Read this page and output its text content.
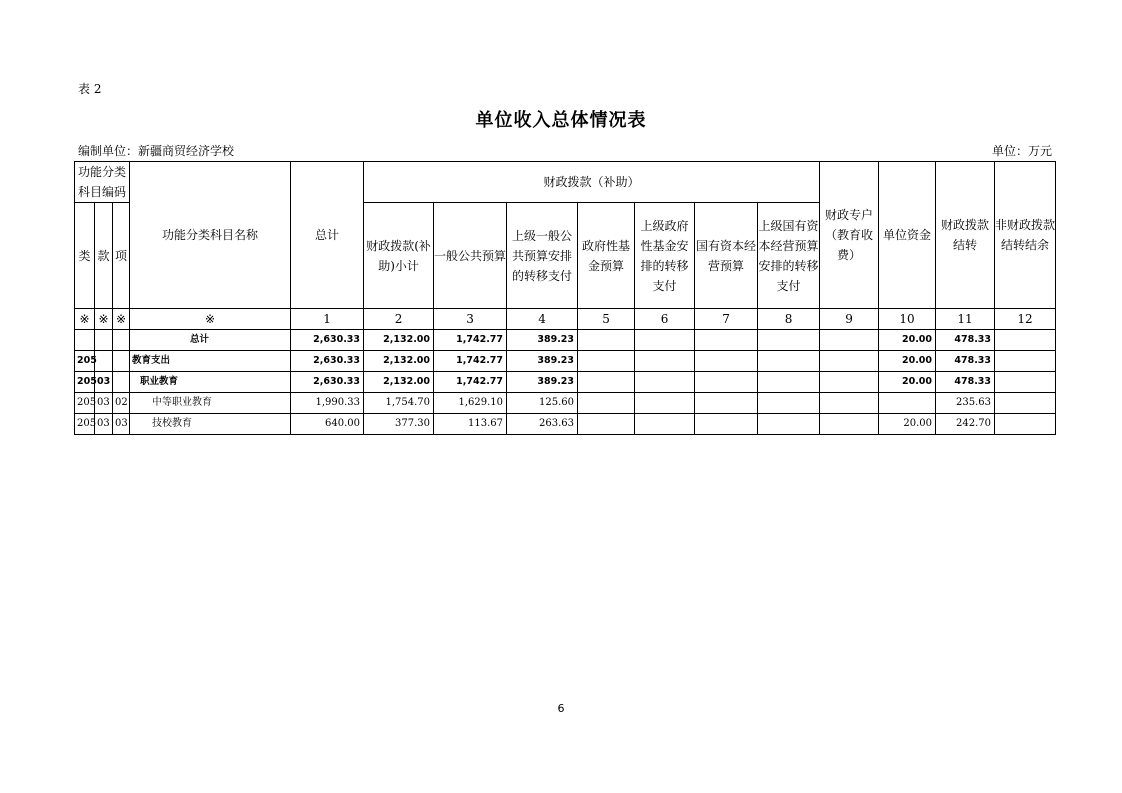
表 2
单位收入总体情况表
编制单位：新疆商贸经济学校	单位：万元
功能分类科目编码			功能分类科目名称	总计	财政拨款（补助）							财政专户（教育收费）	单位资金	财政拨款结转	非财政拨款结转结余
类	款	项			财政拨款(补助)小计	一般公共预算	上级一般公共预算安排的转移支付	政府性基金预算	上级政府性基金安排的转移支付	国有资本经营预算	上级国有资本经营预算安排的转移支付				
※	※	※	※	1	2	3	4	5	6	7	8	9	10	11	12
			总计	2,630.33	2,132.00	1,742.77	389.23						20.00	478.33	
205			教育支出	2,630.33	2,132.00	1,742.77	389.23						20.00	478.33	
205	03		职业教育	2,630.33	2,132.00	1,742.77	389.23						20.00	478.33	
205	03	02	中等职业教育	1,990.33	1,754.70	1,629.10	125.60							235.63	
205	03	03	技校教育	640.00	377.30	113.67	263.63						20.00	242.70	
6
